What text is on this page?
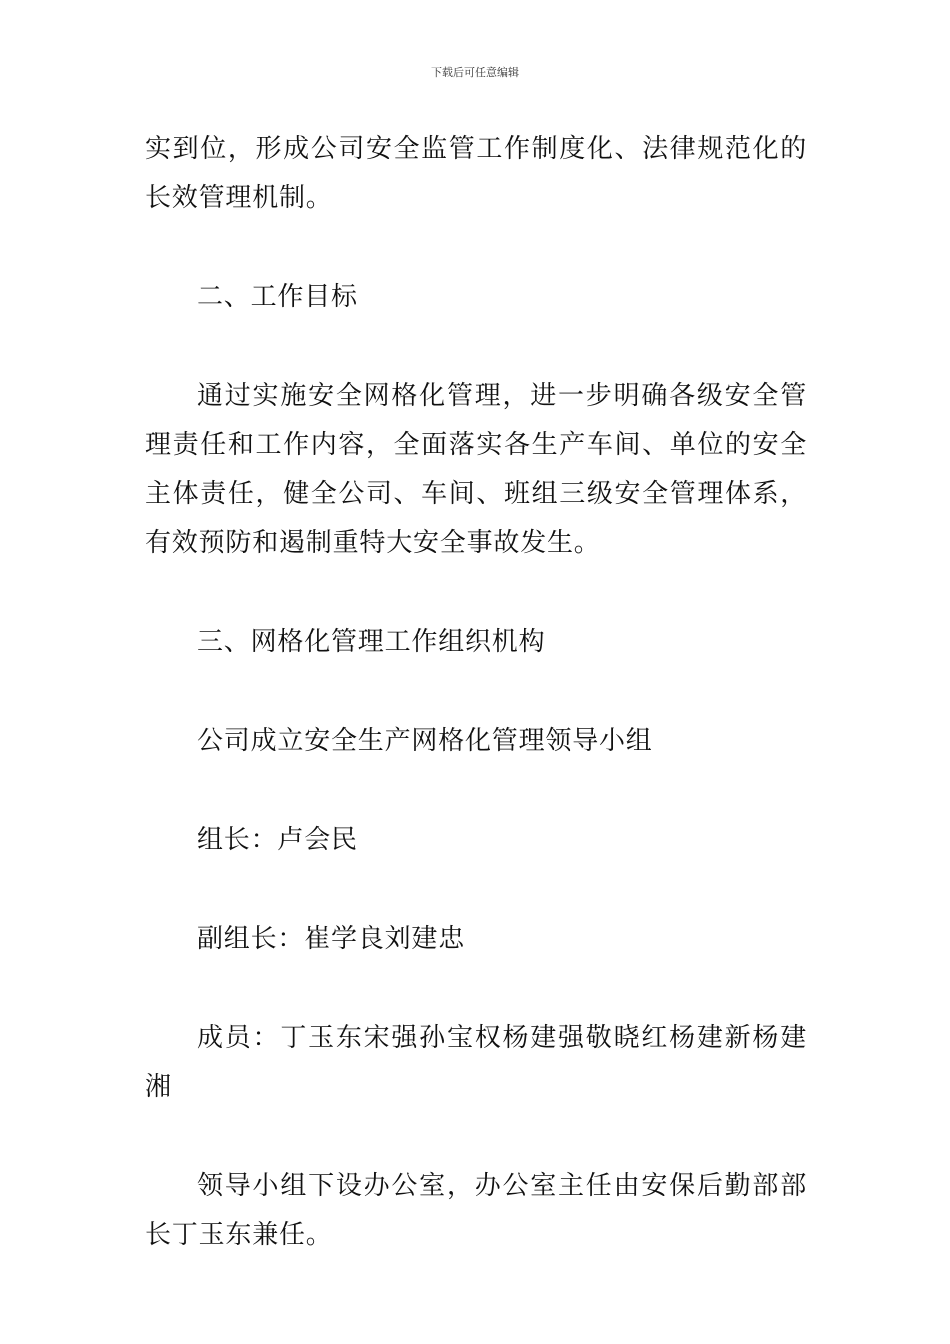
下载后可任意编辑

实到位，形成公司安全监管工作制度化、法律规范化的长效管理机制。

二、工作目标

通过实施安全网格化管理，进一步明确各级安全管理责任和工作内容，全面落实各生产车间、单位的安全主体责任，健全公司、车间、班组三级安全管理体系，有效预防和遏制重特大安全事故发生。

三、网格化管理工作组织机构

公司成立安全生产网格化管理领导小组

组长：卢会民

副组长：崔学良刘建忠

成员：丁玉东宋强孙宝权杨建强敬晓红杨建新杨建湘

领导小组下设办公室，办公室主任由安保后勤部部长丁玉东兼任。
